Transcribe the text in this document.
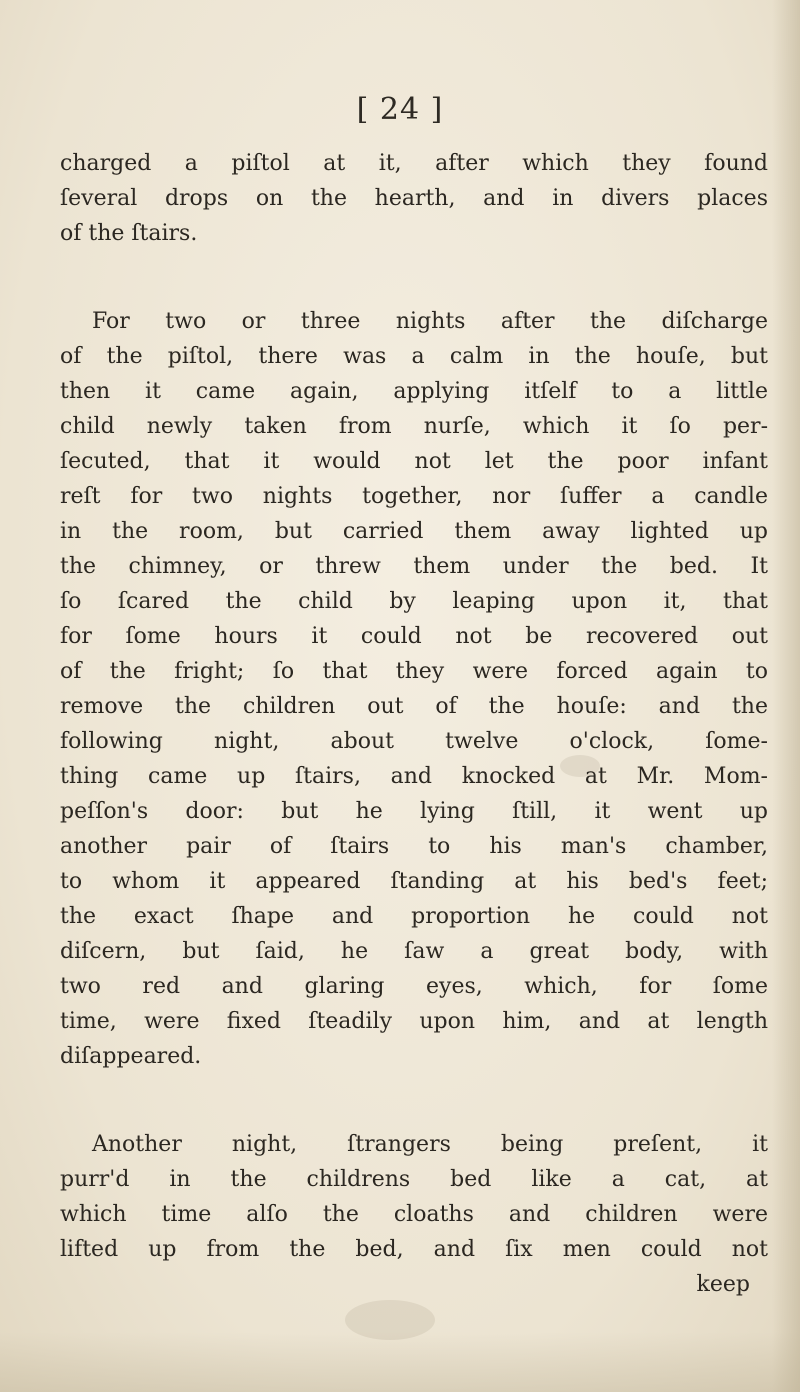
[ 24 ]
charged a piſtol at it, after which they found
ſeveral drops on the hearth, and in divers places
of the ſtairs.
For two or three nights after the diſcharge
of the piſtol, there was a calm in the houſe, but
then it came again, applying itſelf to a little
child newly taken from nurſe, which it ſo per-
ſecuted, that it would not let the poor infant
reſt for two nights together, nor ſuffer a candle
in the room, but carried them away lighted up
the chimney, or threw them under the bed. It
ſo ſcared the child by leaping upon it, that
for ſome hours it could not be recovered out
of the fright; ſo that they were forced again to
remove the children out of the houſe: and the
following night, about twelve o'clock, ſome-
thing came up ſtairs, and knocked at Mr. Mom-
peſſon's door: but he lying ſtill, it went up
another pair of ſtairs to his man's chamber,
to whom it appeared ſtanding at his bed's feet;
the exact ſhape and proportion he could not
diſcern, but ſaid, he ſaw a great body, with
two red and glaring eyes, which, for ſome
time, were fixed ſteadily upon him, and at length
diſappeared.
Another night, ſtrangers being preſent, it
purr'd in the childrens bed like a cat, at
which time alſo the cloaths and children were
lifted up from the bed, and ſix men could not
keep
